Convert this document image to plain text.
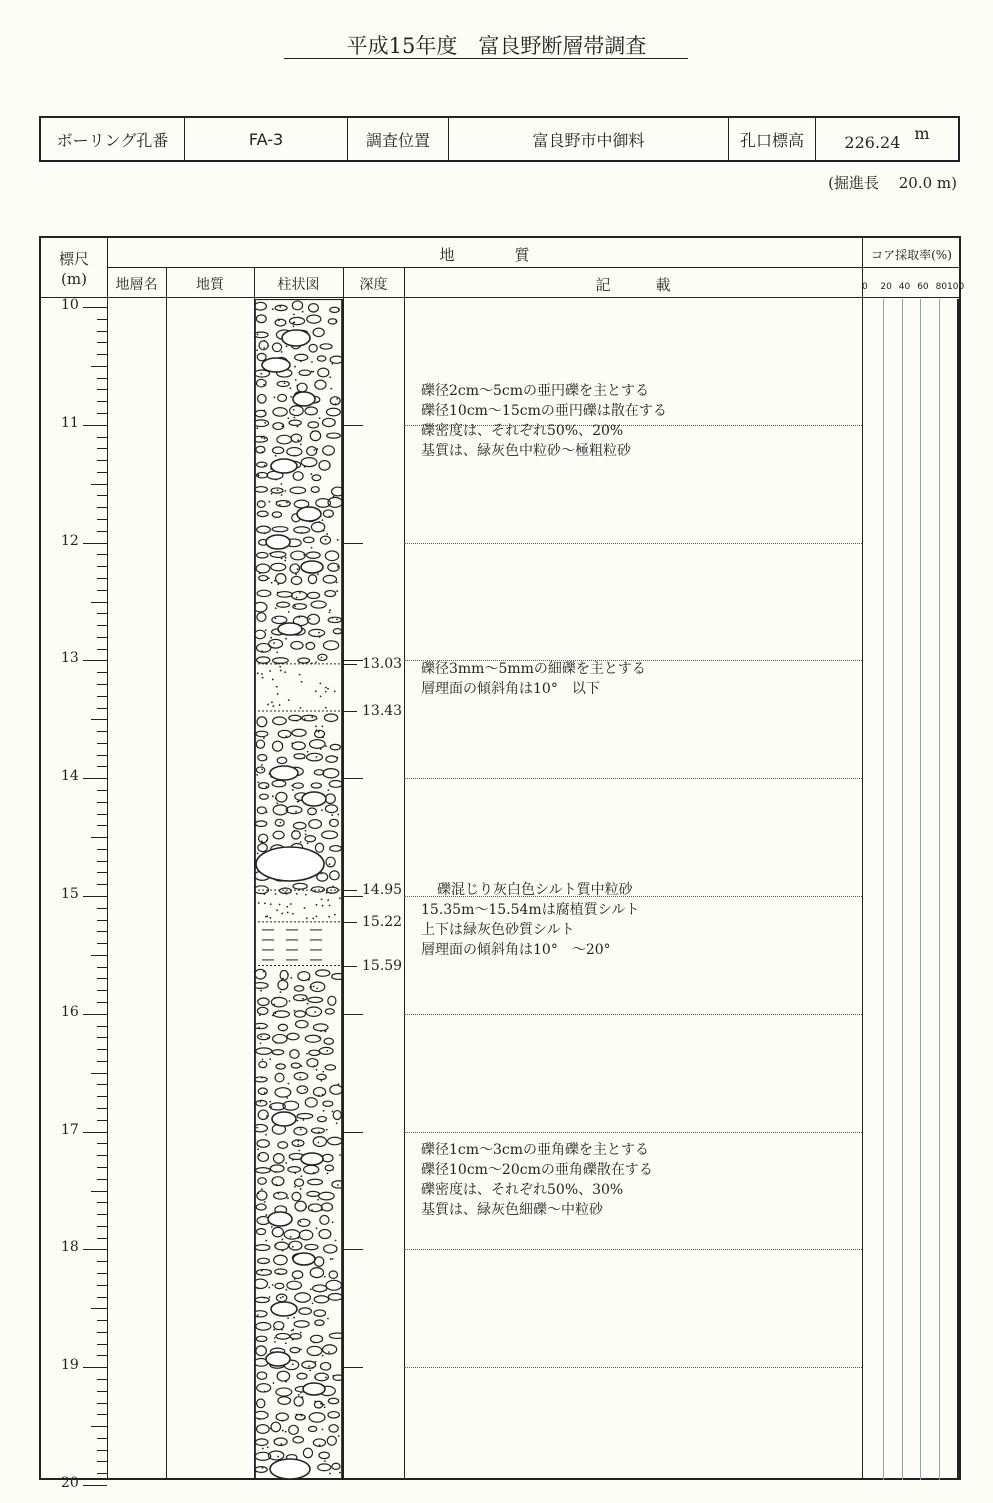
平成15年度　富良野断層帯調査
ボーリング孔番	FA-3	調査位置	富良野市中御料	孔口標高	226.24 m
(掘進長　 20.0 m)
標尺
(m)
地　　　　質
地層名	地質	柱状図	深度	記　　　載
コア採取率(%)
0 20 40 60 80 100
10
11
12
13
14
15
16
17
18
19
20
13.03
13.43
14.95
15.22
15.59
礫径2cm～5cmの亜円礫を主とする
礫径10cm～15cmの亜円礫は散在する
礫密度は、それぞれ50%、20%
基質は、緑灰色中粒砂～極粗粒砂
礫径3mm～5mmの細礫を主とする
層理面の傾斜角は10°　以下
礫混じり灰白色シルト質中粒砂
15.35m～15.54mは腐植質シルト
上下は緑灰色砂質シルト
層理面の傾斜角は10°　～20°
礫径1cm～3cmの亜角礫を主とする
礫径10cm～20cmの亜角礫散在する
礫密度は、それぞれ50%、30%
基質は、緑灰色細礫～中粒砂
